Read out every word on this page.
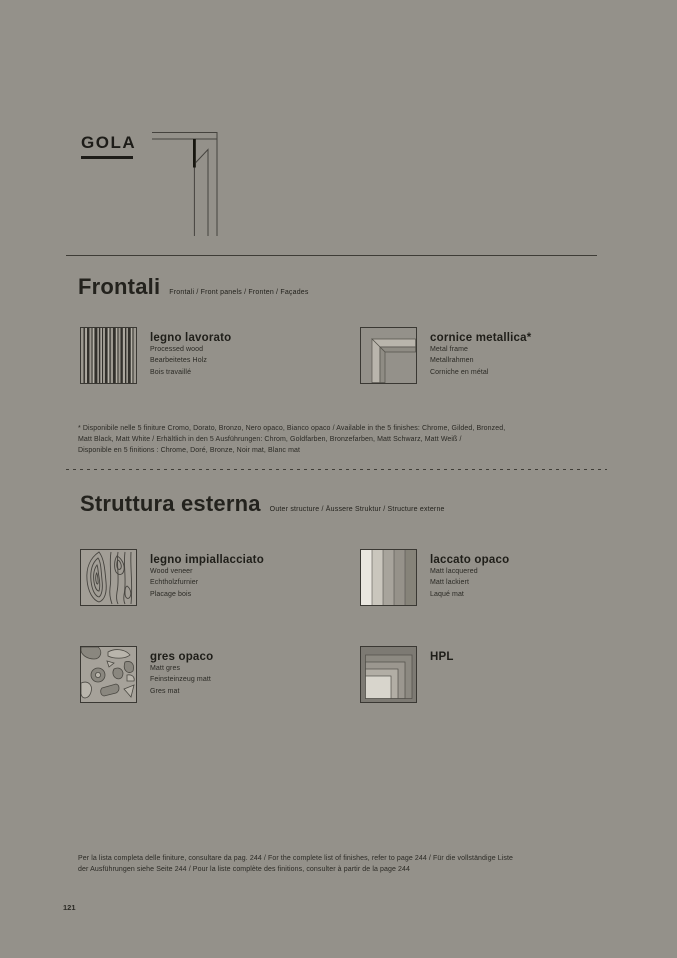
GOLA
Frontali Frontali / Front panels / Fronten / Façades
legno lavorato
Processed wood
Bearbeitetes Holz
Bois travaillé
cornice metallica*
Metal frame
Metallrahmen
Corniche en métal
* Disponibile nelle 5 finiture Cromo, Dorato, Bronzo, Nero opaco, Bianco opaco / Available in the 5 finishes: Chrome, Gilded, Bronzed,
Matt Black, Matt White / Erhältlich in den 5 Ausführungen: Chrom, Goldfarben, Bronzefarben, Matt Schwarz, Matt Weiß /
Disponible en 5 finitions : Chrome, Doré, Bronze, Noir mat, Blanc mat
Struttura esterna Outer structure / Äussere Struktur / Structure externe
legno impiallacciato
Wood veneer
Echtholzfurnier
Placage bois
laccato opaco
Matt lacquered
Matt lackiert
Laqué mat
gres opaco
Matt gres
Feinsteinzeug matt
Gres mat
HPL
Per la lista completa delle finiture, consultare da pag. 244 / For the complete list of finishes, refer to page 244 / Für die vollständige Liste
der Ausführungen siehe Seite 244 / Pour la liste complète des finitions, consulter à partir de la page 244
121
